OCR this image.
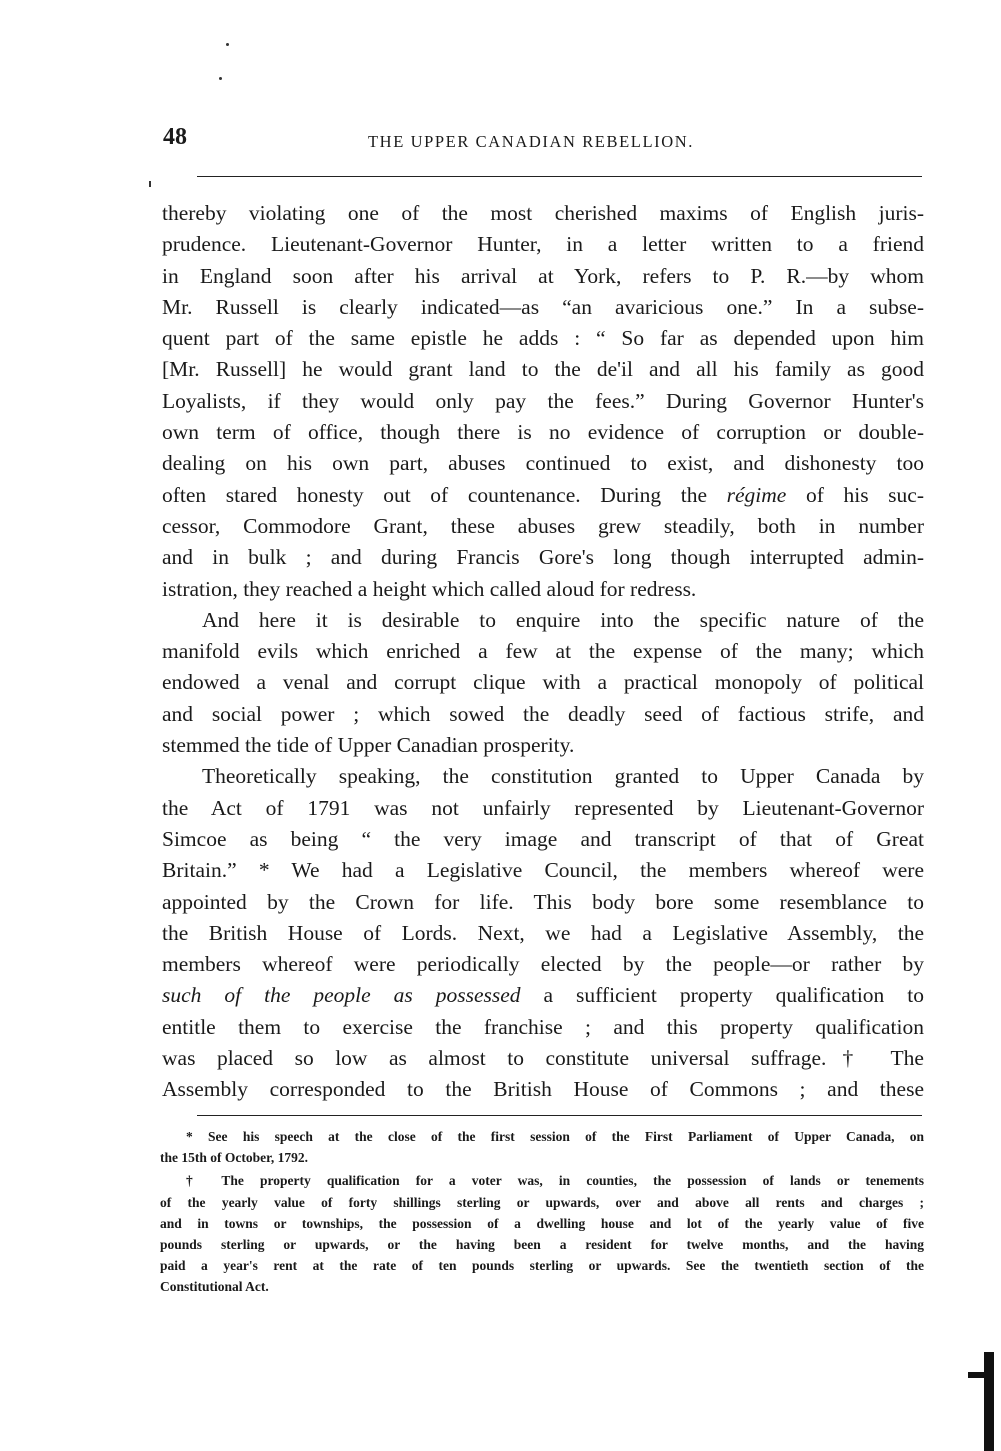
48	THE UPPER CANADIAN REBELLION.

thereby violating one of the most cherished maxims of English juris-
prudence. Lieutenant-Governor Hunter, in a letter written to a friend
in England soon after his arrival at York, refers to P. R.—by whom
Mr. Russell is clearly indicated—as “an avaricious one.” In a subse-
quent part of the same epistle he adds : “ So far as depended upon him
[Mr. Russell] he would grant land to the de'il and all his family as good
Loyalists, if they would only pay the fees.” During Governor Hunter's
own term of office, though there is no evidence of corruption or double-
dealing on his own part, abuses continued to exist, and dishonesty too
often stared honesty out of countenance. During the régime of his suc-
cessor, Commodore Grant, these abuses grew steadily, both in number
and in bulk ; and during Francis Gore's long though interrupted admin-
istration, they reached a height which called aloud for redress.

And here it is desirable to enquire into the specific nature of the
manifold evils which enriched a few at the expense of the many; which
endowed a venal and corrupt clique with a practical monopoly of political
and social power ; which sowed the deadly seed of factious strife, and
stemmed the tide of Upper Canadian prosperity.

Theoretically speaking, the constitution granted to Upper Canada by
the Act of 1791 was not unfairly represented by Lieutenant-Governor
Simcoe as being “ the very image and transcript of that of Great
Britain.” * We had a Legislative Council, the members whereof were
appointed by the Crown for life. This body bore some resemblance to
the British House of Lords. Next, we had a Legislative Assembly, the
members whereof were periodically elected by the people—or rather by
such of the people as possessed a sufficient property qualification to
entitle them to exercise the franchise ; and this property qualification
was placed so low as almost to constitute universal suffrage.† The
Assembly corresponded to the British House of Commons ; and these

* See his speech at the close of the first session of the First Parliament of Upper Canada, on
the 15th of October, 1792.
† The property qualification for a voter was, in counties, the possession of lands or tenements
of the yearly value of forty shillings sterling or upwards, over and above all rents and charges ;
and in towns or townships, the possession of a dwelling house and lot of the yearly value of five
pounds sterling or upwards, or the having been a resident for twelve months, and the having
paid a year's rent at the rate of ten pounds sterling or upwards. See the twentieth section of the
Constitutional Act.
